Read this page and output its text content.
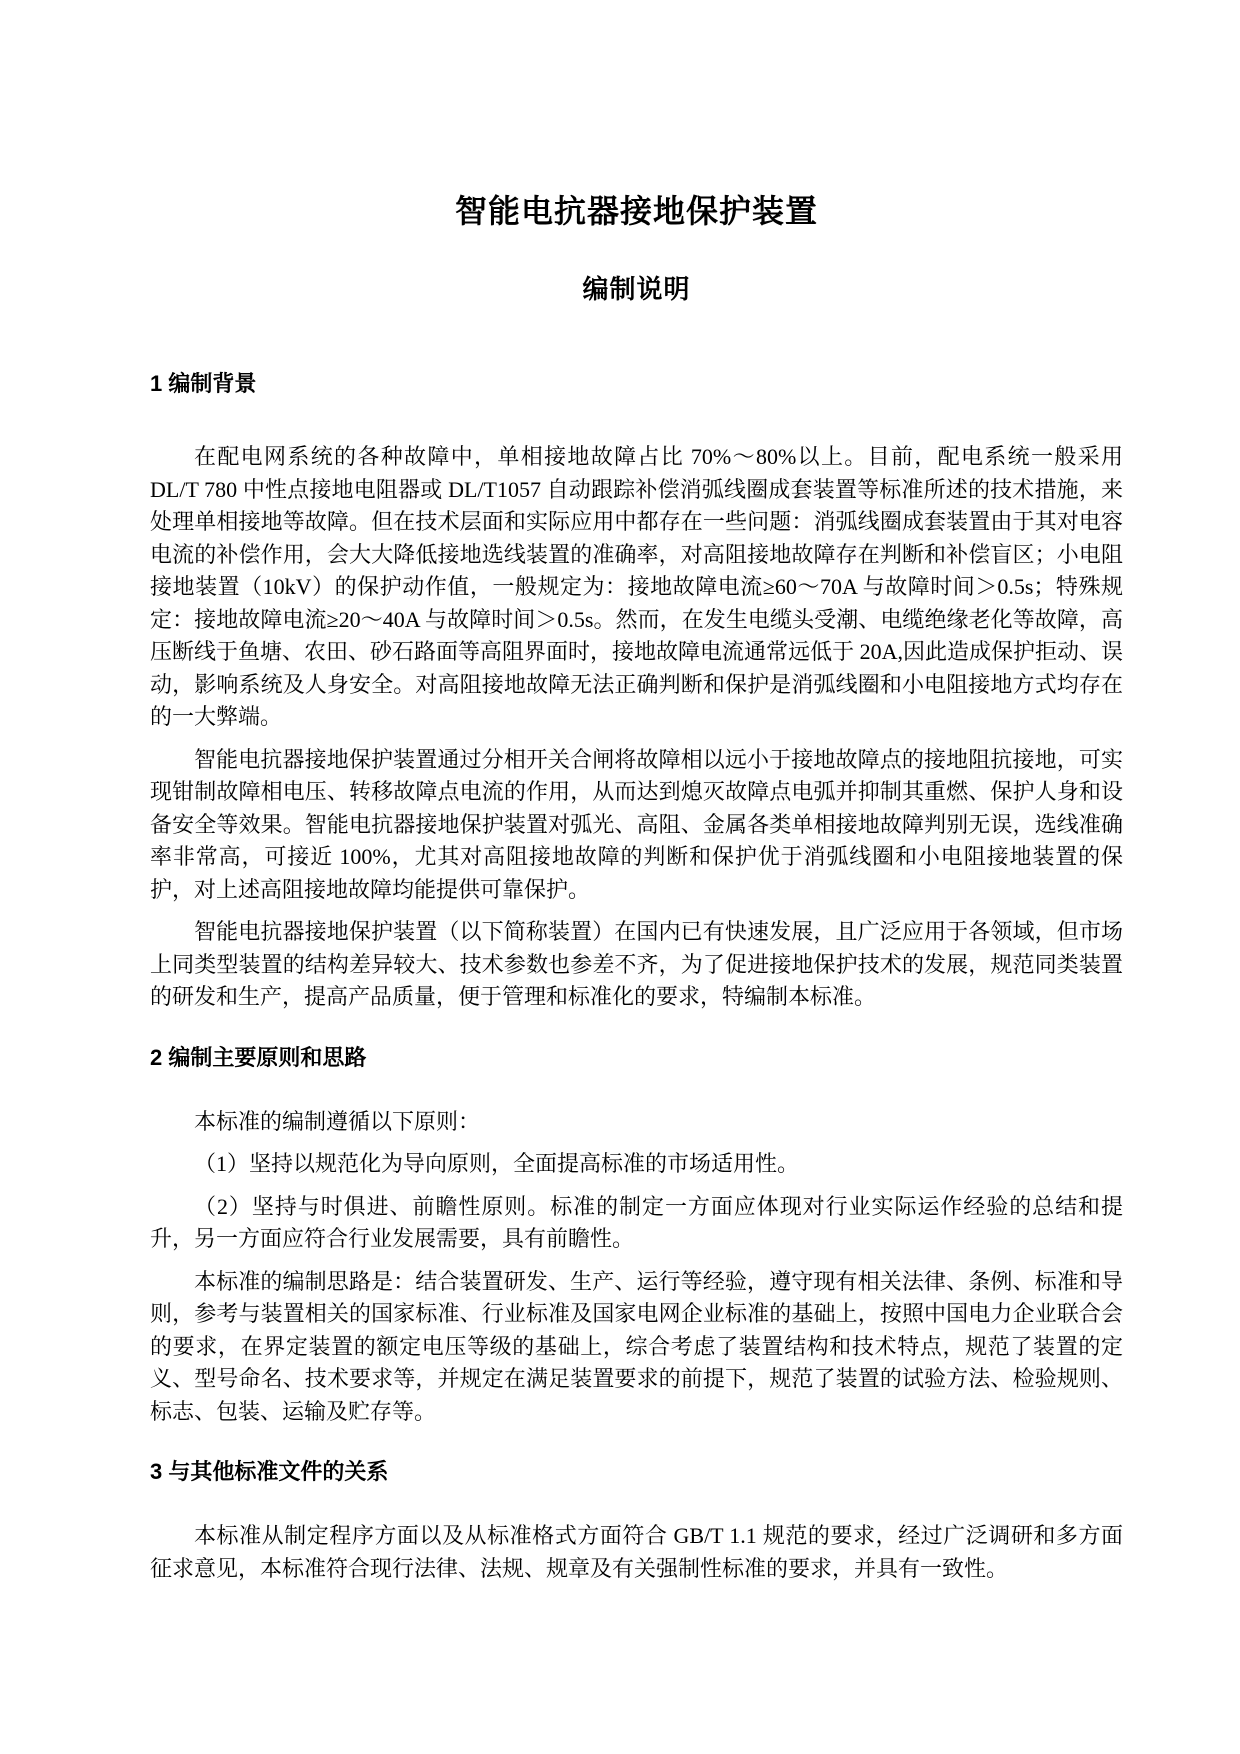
智能电抗器接地保护装置
编制说明
1 编制背景

在配电网系统的各种故障中，单相接地故障占比 70%～80%以上。目前，配电系统一般采用 DL/T 780 中性点接地电阻器或 DL/T1057 自动跟踪补偿消弧线圈成套装置等标准所述的技术措施，来处理单相接地等故障。但在技术层面和实际应用中都存在一些问题：消弧线圈成套装置由于其对电容电流的补偿作用，会大大降低接地选线装置的准确率，对高阻接地故障存在判断和补偿盲区；小电阻接地装置（10kV）的保护动作值，一般规定为：接地故障电流≥60～70A 与故障时间＞0.5s；特殊规定：接地故障电流≥20～40A 与故障时间＞0.5s。然而，在发生电缆头受潮、电缆绝缘老化等故障，高压断线于鱼塘、农田、砂石路面等高阻界面时，接地故障电流通常远低于 20A,因此造成保护拒动、误动，影响系统及人身安全。对高阻接地故障无法正确判断和保护是消弧线圈和小电阻接地方式均存在的一大弊端。

智能电抗器接地保护装置通过分相开关合闸将故障相以远小于接地故障点的接地阻抗接地，可实现钳制故障相电压、转移故障点电流的作用，从而达到熄灭故障点电弧并抑制其重燃、保护人身和设备安全等效果。智能电抗器接地保护装置对弧光、高阻、金属各类单相接地故障判别无误，选线准确率非常高，可接近 100%，尤其对高阻接地故障的判断和保护优于消弧线圈和小电阻接地装置的保护，对上述高阻接地故障均能提供可靠保护。

智能电抗器接地保护装置（以下简称装置）在国内已有快速发展，且广泛应用于各领域，但市场上同类型装置的结构差异较大、技术参数也参差不齐，为了促进接地保护技术的发展，规范同类装置的研发和生产，提高产品质量，便于管理和标准化的要求，特编制本标准。

2 编制主要原则和思路

本标准的编制遵循以下原则：

（1）坚持以规范化为导向原则，全面提高标准的市场适用性。

（2）坚持与时俱进、前瞻性原则。标准的制定一方面应体现对行业实际运作经验的总结和提升，另一方面应符合行业发展需要，具有前瞻性。

本标准的编制思路是：结合装置研发、生产、运行等经验，遵守现有相关法律、条例、标准和导则，参考与装置相关的国家标准、行业标准及国家电网企业标准的基础上，按照中国电力企业联合会的要求，在界定装置的额定电压等级的基础上，综合考虑了装置结构和技术特点，规范了装置的定义、型号命名、技术要求等，并规定在满足装置要求的前提下，规范了装置的试验方法、检验规则、标志、包装、运输及贮存等。

3 与其他标准文件的关系

本标准从制定程序方面以及从标准格式方面符合 GB/T 1.1 规范的要求，经过广泛调研和多方面征求意见，本标准符合现行法律、法规、规章及有关强制性标准的要求，并具有一致性。
